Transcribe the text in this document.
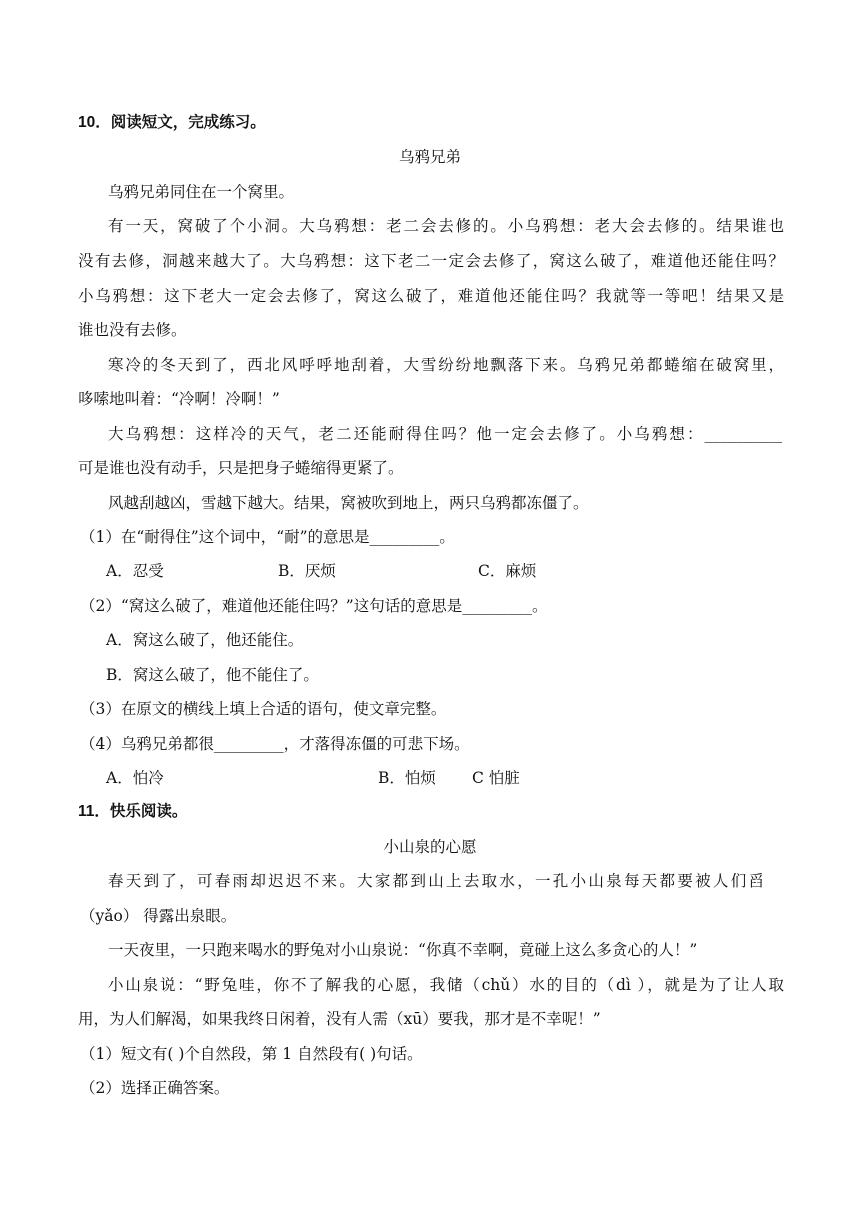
10．阅读短文，完成练习。
乌鸦兄弟
乌鸦兄弟同住在一个窝里。
有一天，窝破了个小洞。大乌鸦想：老二会去修的。小乌鸦想：老大会去修的。结果谁也
没有去修，洞越来越大了。大乌鸦想：这下老二一定会去修了，窝这么破了，难道他还能住吗？
小乌鸦想：这下老大一定会去修了，窝这么破了，难道他还能住吗？我就等一等吧！结果又是
谁也没有去修。
寒冷的冬天到了，西北风呼呼地刮着，大雪纷纷地飘落下来。乌鸦兄弟都蜷缩在破窝里，
哆嗦地叫着：“冷啊！冷啊！”
大乌鸦想：这样冷的天气，老二还能耐得住吗？他一定会去修了。小乌鸦想：__________
可是谁也没有动手，只是把身子蜷缩得更紧了。
风越刮越凶，雪越下越大。结果，窝被吹到地上，两只乌鸦都冻僵了。
（1）在“耐得住”这个词中，“耐”的意思是_________。
A．忍受	B．厌烦	C．麻烦
（2）“窝这么破了，难道他还能住吗？”这句话的意思是_________。
A．窝这么破了，他还能住。
B．窝这么破了，他不能住了。
（3）在原文的横线上填上合适的语句，使文章完整。
（4）乌鸦兄弟都很_________，才落得冻僵的可悲下场。
A．怕冷	B．怕烦 C 怕脏
11．快乐阅读。
小山泉的心愿
春天到了，可春雨却迟迟不来。大家都到山上去取水，一孔小山泉每天都要被人们舀
（yǎo） 得露出泉眼。
一天夜里，一只跑来喝水的野兔对小山泉说：“你真不幸啊，竟碰上这么多贪心的人！”
小山泉说：“野兔哇，你不了解我的心愿，我储（chǔ）水的目的（dì ），就是为了让人取
用，为人们解渴，如果我终日闲着，没有人需（xū）要我，那才是不幸呢！”
（1）短文有( )个自然段，第 1 自然段有( )句话。
（2）选择正确答案。
